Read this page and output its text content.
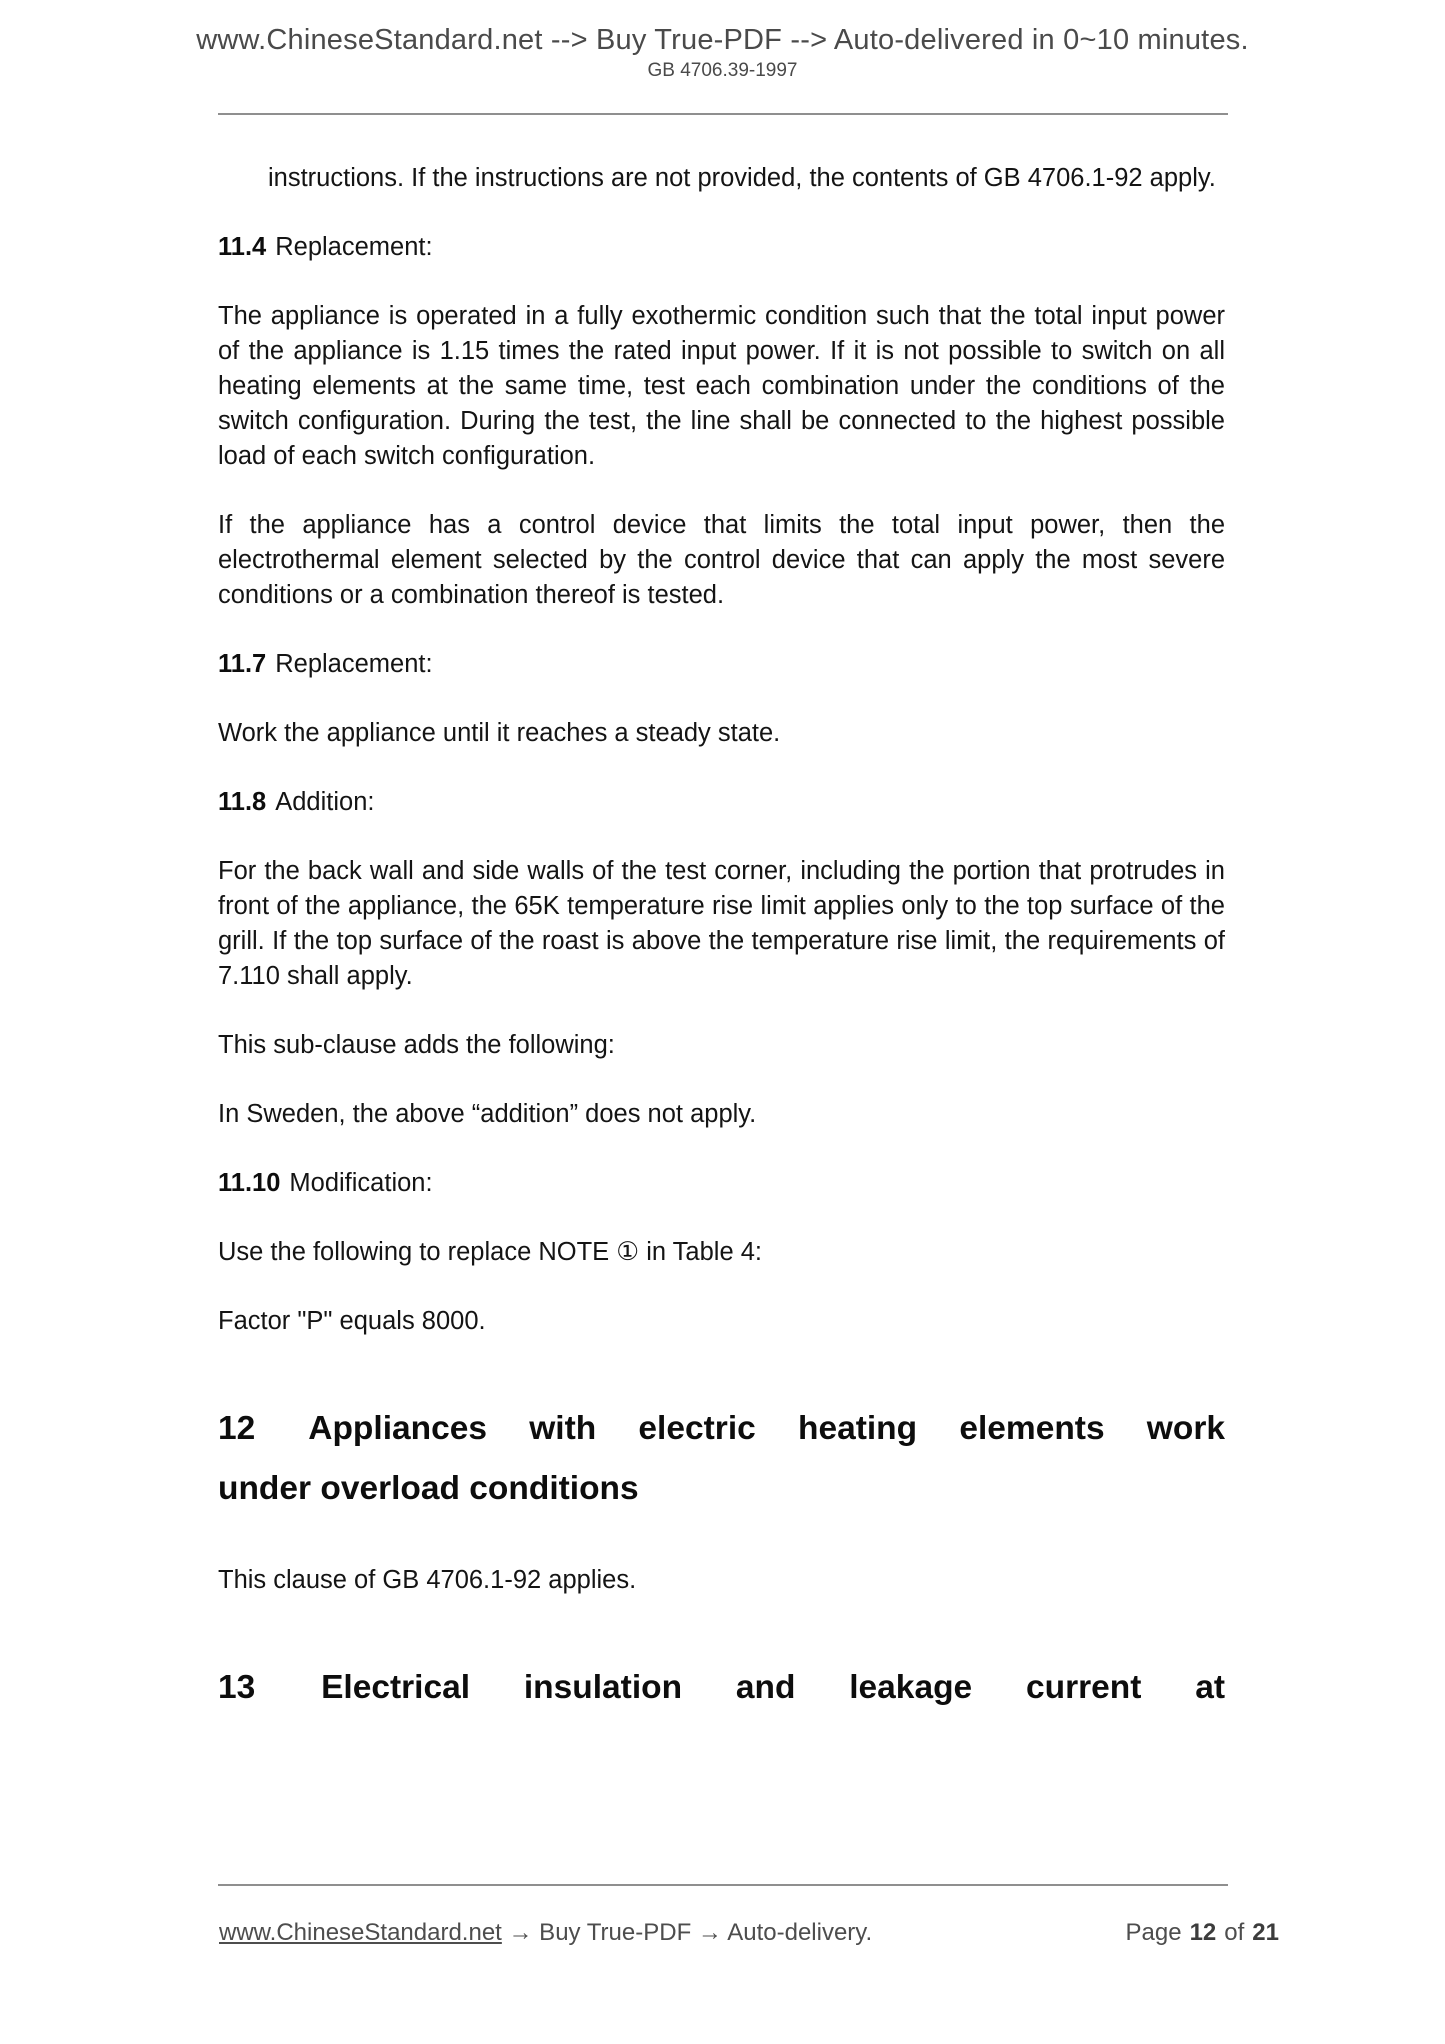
www.ChineseStandard.net --> Buy True-PDF --> Auto-delivered in 0~10 minutes.
GB 4706.39-1997

instructions. If the instructions are not provided, the contents of GB 4706.1-92 apply.

11.4 Replacement:

The appliance is operated in a fully exothermic condition such that the total input power of the appliance is 1.15 times the rated input power. If it is not possible to switch on all heating elements at the same time, test each combination under the conditions of the switch configuration. During the test, the line shall be connected to the highest possible load of each switch configuration.

If the appliance has a control device that limits the total input power, then the electrothermal element selected by the control device that can apply the most severe conditions or a combination thereof is tested.

11.7 Replacement:

Work the appliance until it reaches a steady state.

11.8 Addition:

For the back wall and side walls of the test corner, including the portion that protrudes in front of the appliance, the 65K temperature rise limit applies only to the top surface of the grill. If the top surface of the roast is above the temperature rise limit, the requirements of 7.110 shall apply.

This sub-clause adds the following:

In Sweden, the above “addition” does not apply.

11.10 Modification:

Use the following to replace NOTE ① in Table 4:

Factor "P" equals 8000.

12 Appliances with electric heating elements work
under overload conditions

This clause of GB 4706.1-92 applies.

13 Electrical insulation and leakage current at
www.ChineseStandard.net → Buy True-PDF → Auto-delivery.	Page 12 of 21
